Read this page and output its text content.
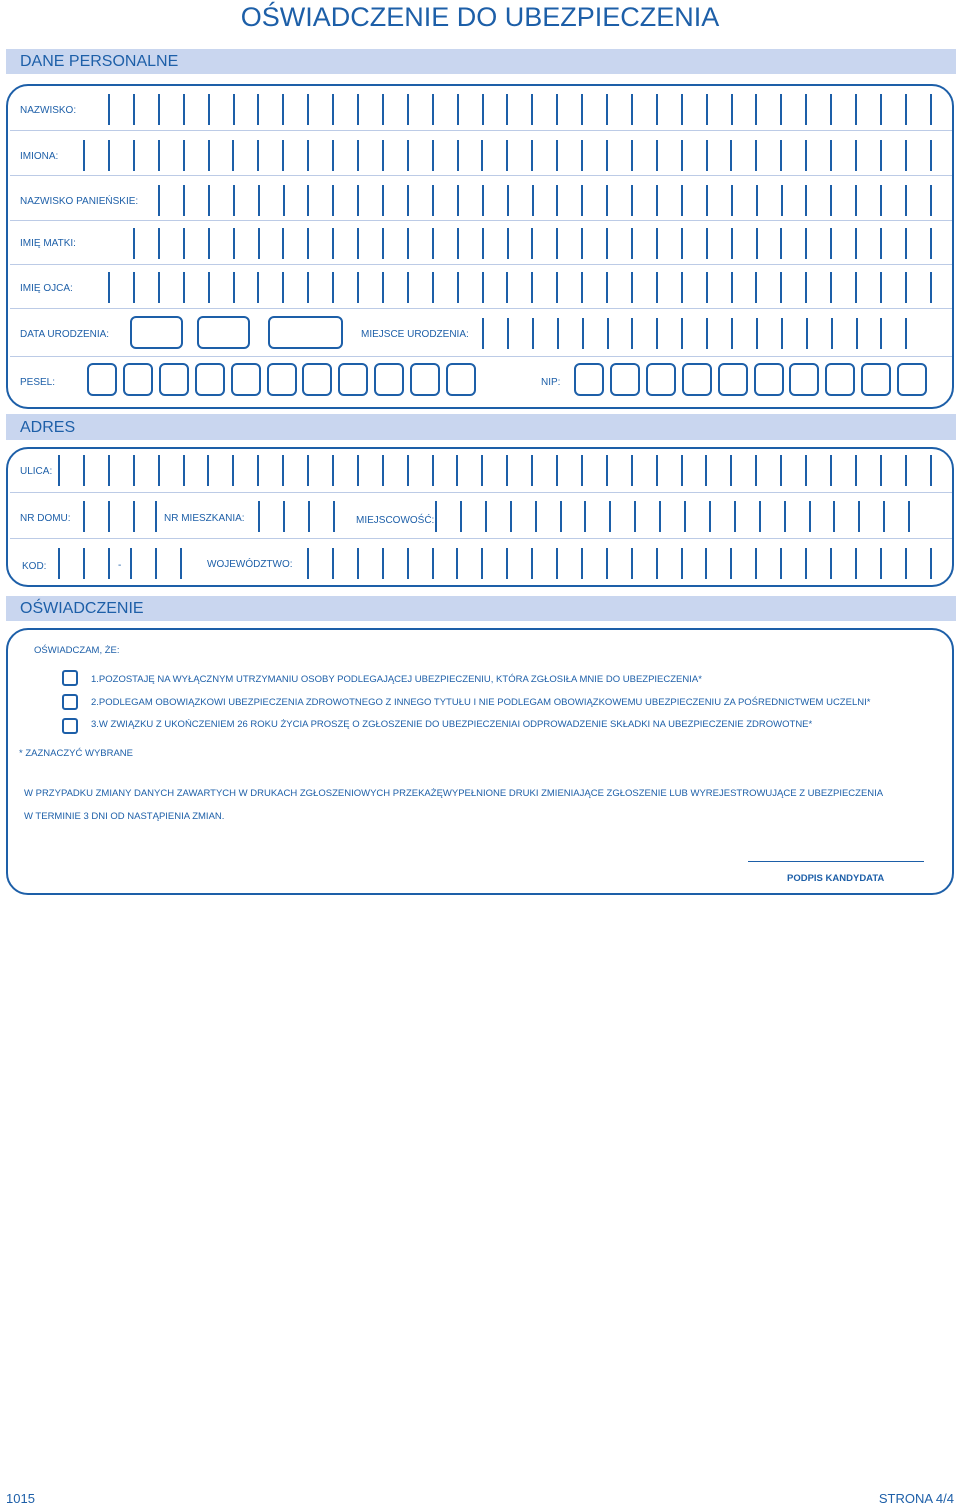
OŚWIADCZENIE DO UBEZPIECZENIA
DANE PERSONALNE
NAZWISKO:
IMIONA:
NAZWISKO PANIEŃSKIE:
IMIĘ MATKI:
IMIĘ OJCA:
DATA URODZENIA:	MIEJSCE URODZENIA:
PESEL:	NIP:
ADRES
ULICA:
NR DOMU:	NR MIESZKANIA:	MIEJSCOWOŚĆ:
KOD:	-	WOJEWÓDZTWO:
OŚWIADCZENIE
OŚWIADCZAM, ŻE:
1.POZOSTAJĘ NA WYŁĄCZNYM UTRZYMANIU OSOBY PODLEGAJĄCEJ UBEZPIECZENIU, KTÓRA ZGŁOSIŁA MNIE DO UBEZPIECZENIA*
2.PODLEGAM OBOWIĄZKOWI UBEZPIECZENIA ZDROWOTNEGO Z INNEGO TYTUŁU I NIE PODLEGAM OBOWIĄZKOWEMU UBEZPIECZENIU ZA POŚREDNICTWEM UCZELNI*
3.W ZWIĄZKU Z UKOŃCZENIEM 26 ROKU ŻYCIA PROSZĘ O ZGŁOSZENIE DO UBEZPIECZENIAI ODPROWADZENIE SKŁADKI NA UBEZPIECZENIE ZDROWOTNE*
* ZAZNACZYĆ WYBRANE
W PRZYPADKU ZMIANY DANYCH ZAWARTYCH W DRUKACH ZGŁOSZENIOWYCH PRZEKAŻĘWYPEŁNIONE DRUKI ZMIENIAJĄCE ZGŁOSZENIE LUB WYREJESTROWUJĄCE Z UBEZPIECZENIA
W TERMINIE 3 DNI OD NASTĄPIENIA ZMIAN.
PODPIS KANDYDATA
1015	STRONA 4/4
